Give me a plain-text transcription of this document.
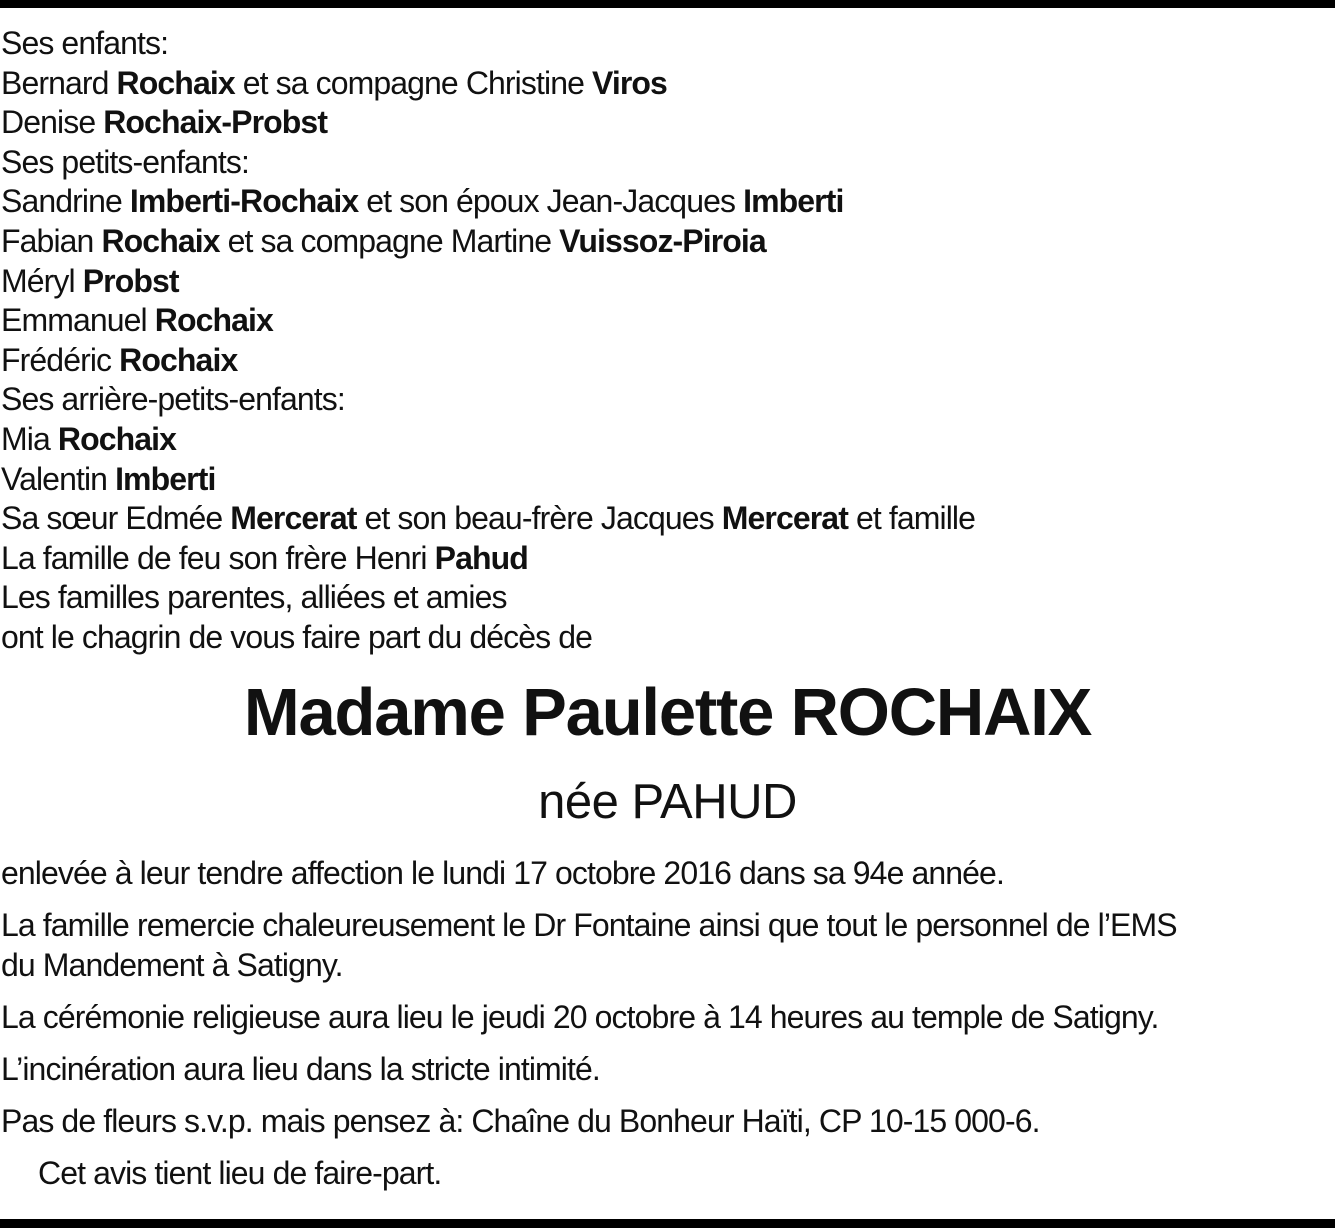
Ses enfants:
Bernard Rochaix et sa compagne Christine Viros
Denise Rochaix-Probst
Ses petits-enfants:
Sandrine Imberti-Rochaix et son époux Jean-Jacques Imberti
Fabian Rochaix et sa compagne Martine Vuissoz-Piroia
Méryl Probst
Emmanuel Rochaix
Frédéric Rochaix
Ses arrière-petits-enfants:
Mia Rochaix
Valentin Imberti
Sa sœur Edmée Mercerat et son beau-frère Jacques Mercerat et famille
La famille de feu son frère Henri Pahud
Les familles parentes, alliées et amies
ont le chagrin de vous faire part du décès de
Madame Paulette ROCHAIX
née PAHUD
enlevée à leur tendre affection le lundi 17 octobre 2016 dans sa 94e année.
La famille remercie chaleureusement le Dr Fontaine ainsi que tout le personnel de l’EMS
du Mandement à Satigny.
La cérémonie religieuse aura lieu le jeudi 20 octobre à 14 heures au temple de Satigny.
L’incinération aura lieu dans la stricte intimité.
Pas de fleurs s.v.p. mais pensez à: Chaîne du Bonheur Haïti, CP 10-15 000-6.
Cet avis tient lieu de faire-part.
